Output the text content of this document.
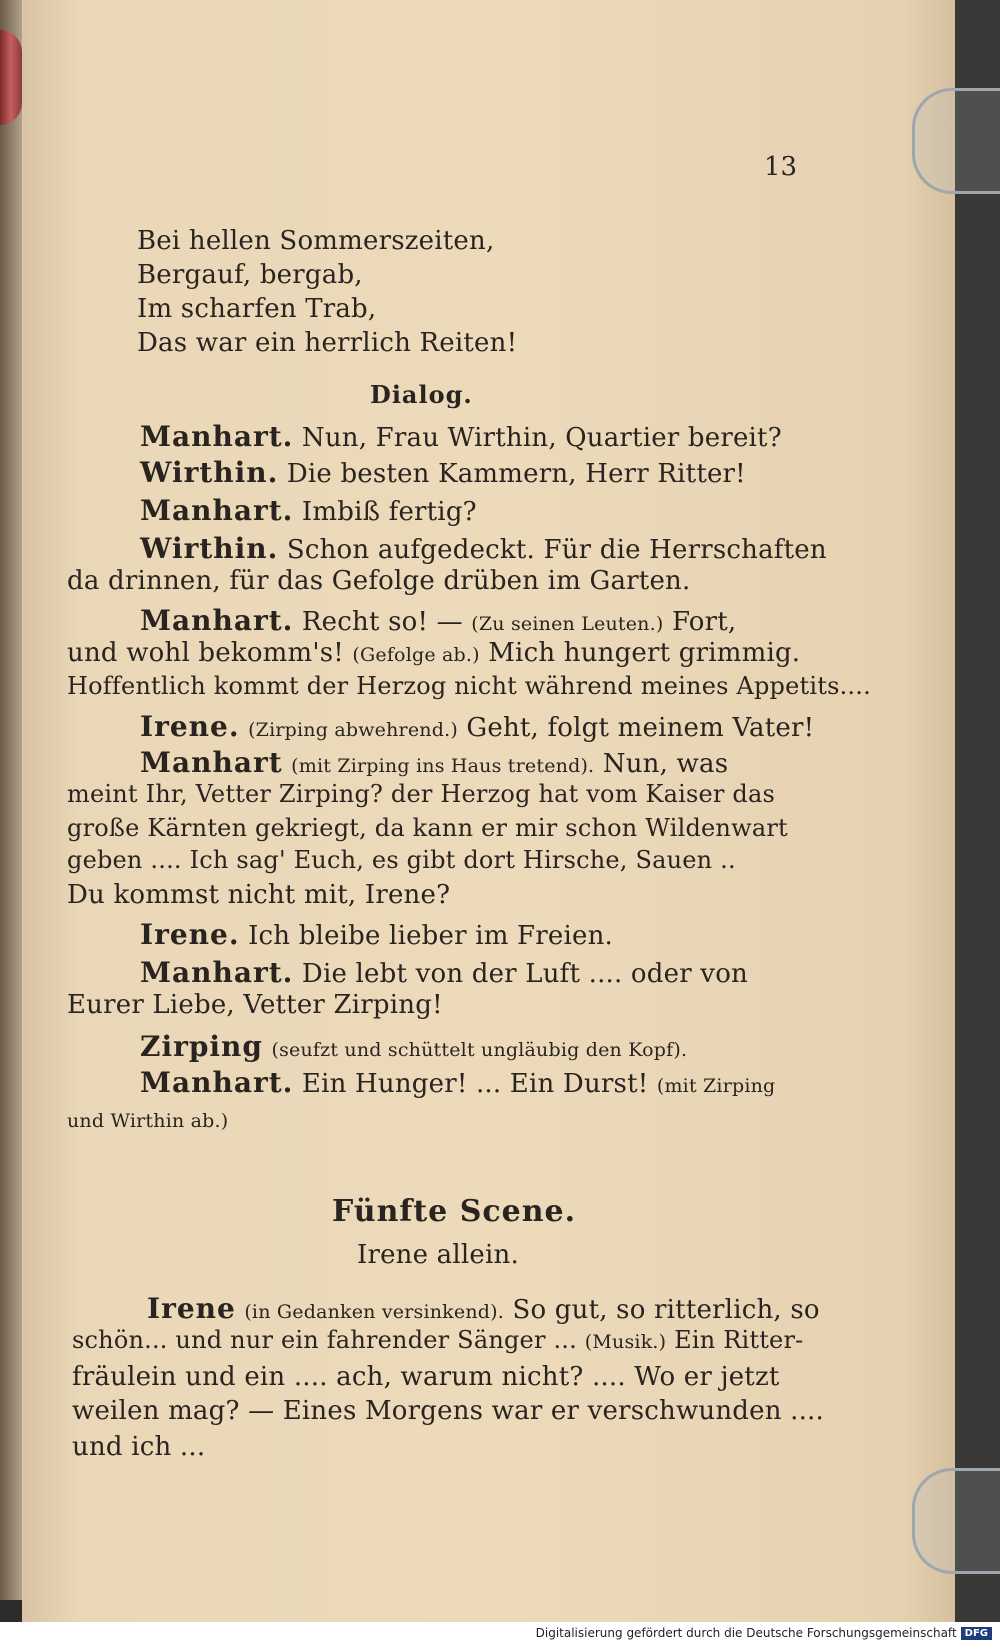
13
Bei hellen Sommerszeiten,
Bergauf, bergab,
Im scharfen Trab,
Das war ein herrlich Reiten!
Dialog.
Manhart. Nun, Frau Wirthin, Quartier bereit?
Wirthin. Die besten Kammern, Herr Ritter!
Manhart. Imbiß fertig?
Wirthin. Schon aufgedeckt. Für die Herrschaften
da drinnen, für das Gefolge drüben im Garten.
Manhart. Recht so! — (Zu seinen Leuten.) Fort,
und wohl bekomm's! (Gefolge ab.) Mich hungert grimmig.
Hoffentlich kommt der Herzog nicht während meines Appetits....
Irene. (Zirping abwehrend.) Geht, folgt meinem Vater!
Manhart (mit Zirping ins Haus tretend). Nun, was
meint Ihr, Vetter Zirping? der Herzog hat vom Kaiser das
große Kärnten gekriegt, da kann er mir schon Wildenwart
geben .... Ich sag' Euch, es gibt dort Hirsche, Sauen ..
Du kommst nicht mit, Irene?
Irene. Ich bleibe lieber im Freien.
Manhart. Die lebt von der Luft .... oder von
Eurer Liebe, Vetter Zirping!
Zirping (seufzt und schüttelt ungläubig den Kopf).
Manhart. Ein Hunger! ... Ein Durst! (mit Zirping
und Wirthin ab.)
Fünfte Scene.
Irene allein.
Irene (in Gedanken versinkend). So gut, so ritterlich, so
schön... und nur ein fahrender Sänger ... (Musik.) Ein Ritter-
fräulein und ein .... ach, warum nicht? .... Wo er jetzt
weilen mag? — Eines Morgens war er verschwunden ....
und ich ...
Digitalisierung gefördert durch die Deutsche Forschungsgemeinschaft DFG
